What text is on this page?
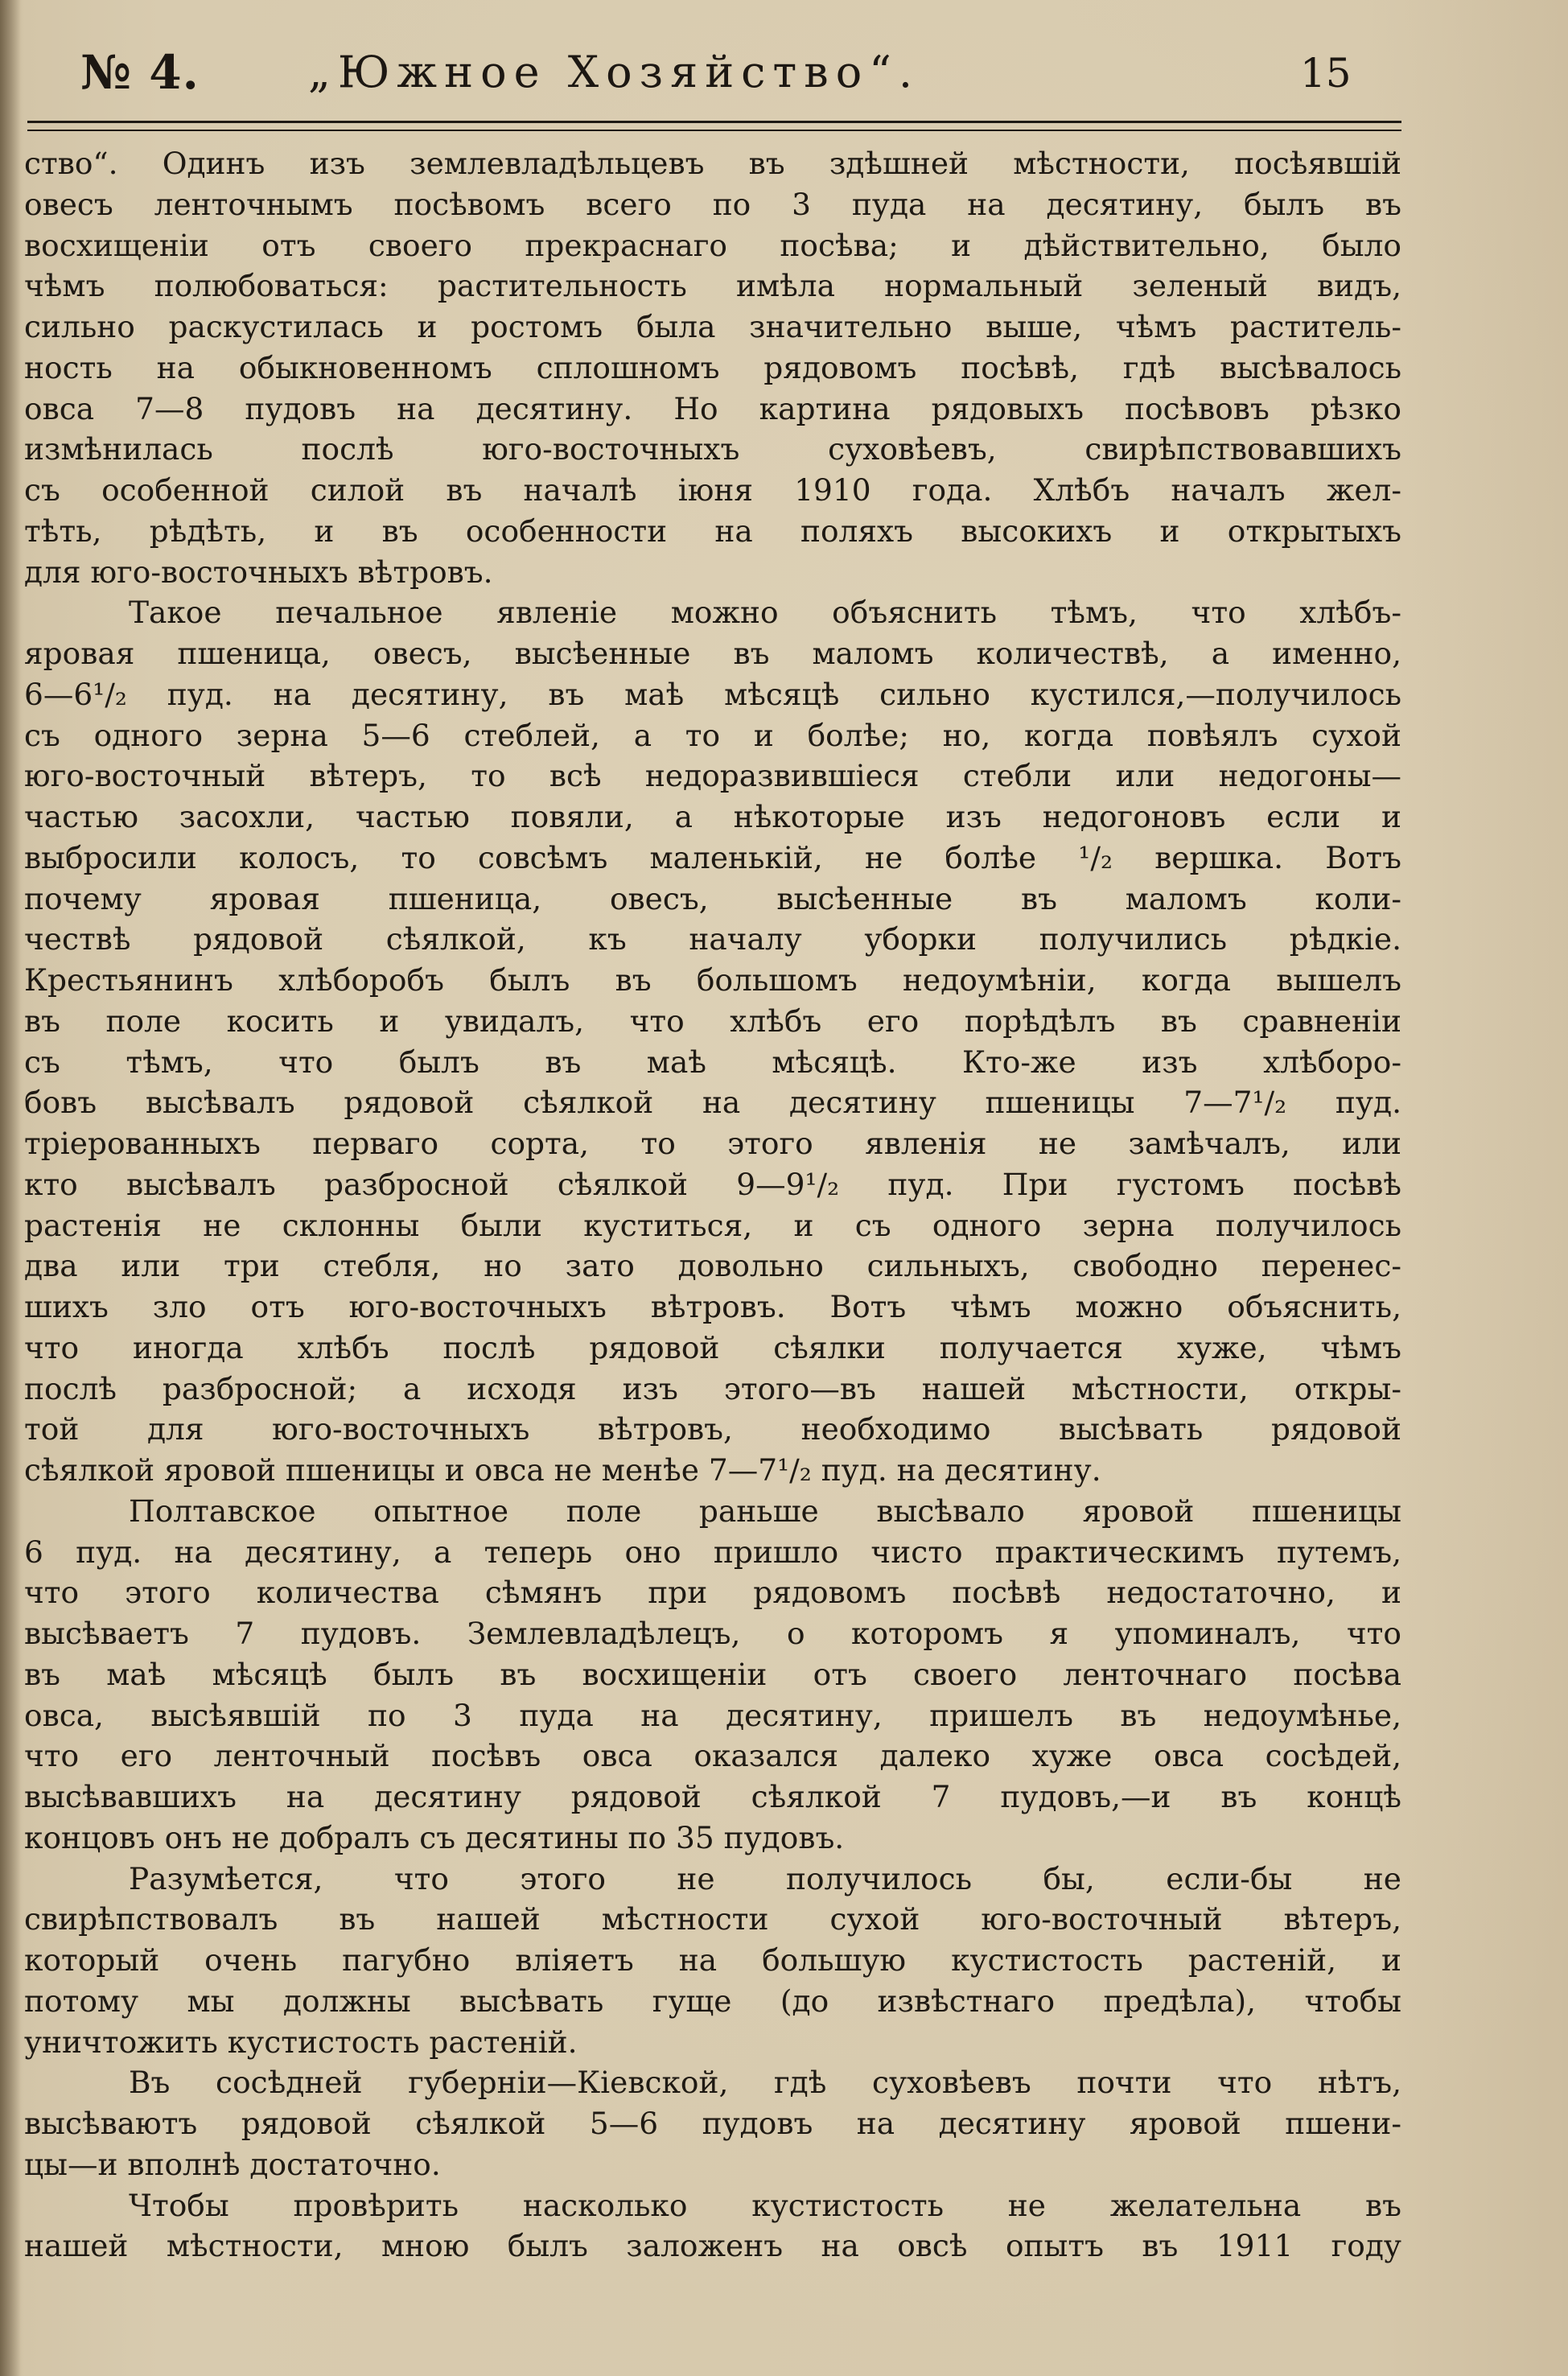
№ 4.	„Южное Хозяйство“.	15
ство“. Одинъ изъ землевладѣльцевъ въ здѣшней мѣстности, посѣявшій
овесъ ленточнымъ посѣвомъ всего по 3 пуда на десятину, былъ въ
восхищеніи отъ своего прекраснаго посѣва; и дѣйствительно, было
чѣмъ полюбоваться: растительность имѣла нормальный зеленый видъ,
сильно раскустилась и ростомъ была значительно выше, чѣмъ раститель-
ность на обыкновенномъ сплошномъ рядовомъ посѣвѣ, гдѣ высѣвалось
овса 7—8 пудовъ на десятину. Но картина рядовыхъ посѣвовъ рѣзко
измѣнилась послѣ юго-восточныхъ суховѣевъ, свирѣпствовавшихъ
съ особенной силой въ началѣ іюня 1910 года. Хлѣбъ началъ жел-
тѣть, рѣдѣть, и въ особенности на поляхъ высокихъ и открытыхъ
для юго-восточныхъ вѣтровъ.
Такое печальное явленіе можно объяснить тѣмъ, что хлѣбъ-
яровая пшеница, овесъ, высѣенные въ маломъ количествѣ, а именно,
6—6¹/₂ пуд. на десятину, въ маѣ мѣсяцѣ сильно кустился,—получилось
съ одного зерна 5—6 стеблей, а то и болѣе; но, когда повѣялъ сухой
юго-восточный вѣтеръ, то всѣ недоразвившіеся стебли или недогоны—
частью засохли, частью повяли, а нѣкоторые изъ недогоновъ если и
выбросили колосъ, то совсѣмъ маленькій, не болѣе ¹/₂ вершка. Вотъ
почему яровая пшеница, овесъ, высѣенные въ маломъ коли-
чествѣ рядовой сѣялкой, къ началу уборки получились рѣдкіе.
Крестьянинъ хлѣборобъ былъ въ большомъ недоумѣніи, когда вышелъ
въ поле косить и увидалъ, что хлѣбъ его порѣдѣлъ въ сравненіи
съ тѣмъ, что былъ въ маѣ мѣсяцѣ. Кто-же изъ хлѣборо-
бовъ высѣвалъ рядовой сѣялкой на десятину пшеницы 7—7¹/₂ пуд.
тріерованныхъ перваго сорта, то этого явленія не замѣчалъ, или
кто высѣвалъ разбросной сѣялкой 9—9¹/₂ пуд. При густомъ посѣвѣ
растенія не склонны были куститься, и съ одного зерна получилось
два или три стебля, но зато довольно сильныхъ, свободно перенес-
шихъ зло отъ юго-восточныхъ вѣтровъ. Вотъ чѣмъ можно объяснить,
что иногда хлѣбъ послѣ рядовой сѣялки получается хуже, чѣмъ
послѣ разбросной; а исходя изъ этого—въ нашей мѣстности, откры-
той для юго-восточныхъ вѣтровъ, необходимо высѣвать рядовой
сѣялкой яровой пшеницы и овса не менѣе 7—7¹/₂ пуд. на десятину.
Полтавское опытное поле раньше высѣвало яровой пшеницы
6 пуд. на десятину, а теперь оно пришло чисто практическимъ путемъ,
что этого количества сѣмянъ при рядовомъ посѣвѣ недостаточно, и
высѣваетъ 7 пудовъ. Землевладѣлецъ, о которомъ я упоминалъ, что
въ маѣ мѣсяцѣ былъ въ восхищеніи отъ своего ленточнаго посѣва
овса, высѣявшій по 3 пуда на десятину, пришелъ въ недоумѣнье,
что его ленточный посѣвъ овса оказался далеко хуже овса сосѣдей,
высѣвавшихъ на десятину рядовой сѣялкой 7 пудовъ,—и въ концѣ
концовъ онъ не добралъ съ десятины по 35 пудовъ.
Разумѣется, что этого не получилось бы, если-бы не
свирѣпствовалъ въ нашей мѣстности сухой юго-восточный вѣтеръ,
который очень пагубно вліяетъ на большую кустистость растеній, и
потому мы должны высѣвать гуще (до извѣстнаго предѣла), чтобы
уничтожить кустистость растеній.
Въ сосѣдней губерніи—Кіевской, гдѣ суховѣевъ почти что нѣтъ,
высѣваютъ рядовой сѣялкой 5—6 пудовъ на десятину яровой пшени-
цы—и вполнѣ достаточно.
Чтобы провѣрить насколько кустистость не желательна въ
нашей мѣстности, мною былъ заложенъ на овсѣ опытъ въ 1911 году
